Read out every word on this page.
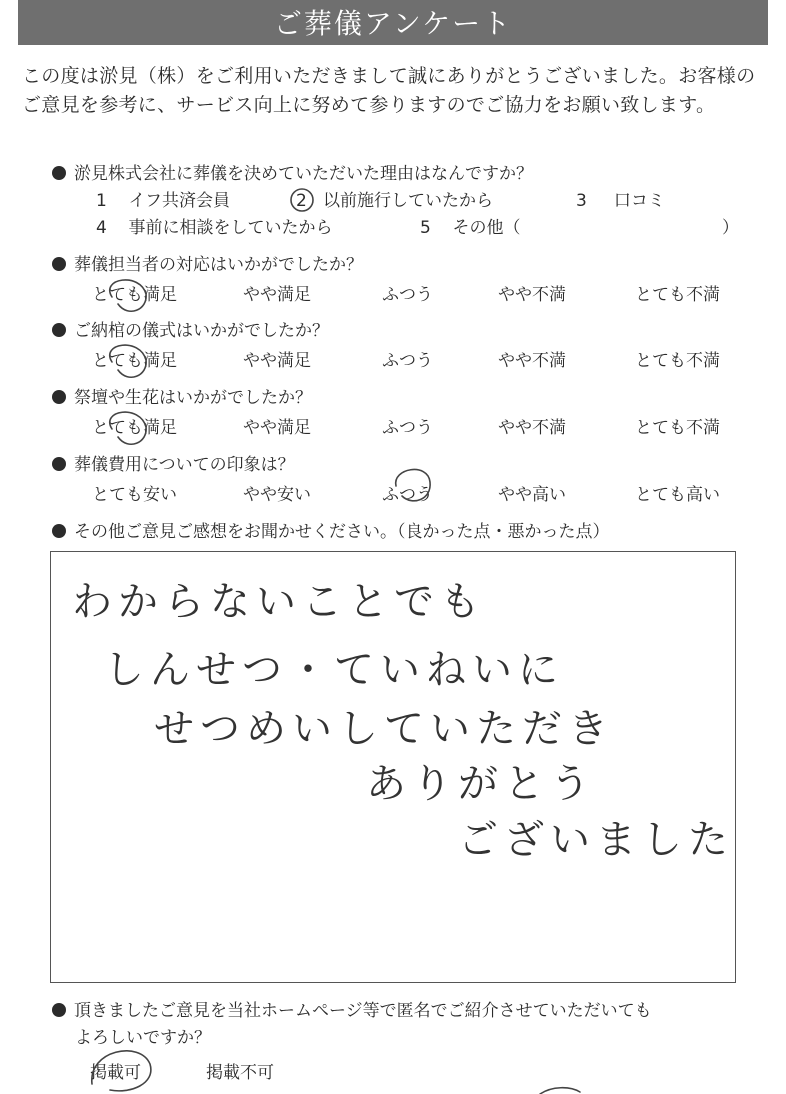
ご葬儀アンケート
この度は淤見（株）をご利用いただきまして誠にありがとうございました。お客様のご意見を参考に、サービス向上に努めて参りますのでご協力をお願い致します。
淤見株式会社に葬儀を決めていただいた理由はなんですか？
1 イフ共済会員	2 以前施行していたから	3 口コミ
4 事前に相談をしていたから	5 その他（	）
葬儀担当者の対応はいかがでしたか？
とても満足	やや満足	ふつう	やや不満	とても不満
ご納棺の儀式はいかがでしたか？
とても満足	やや満足	ふつう	やや不満	とても不満
祭壇や生花はいかがでしたか？
とても満足	やや満足	ふつう	やや不満	とても不満
葬儀費用についての印象は？
とても安い	やや安い	ふつう	やや高い	とても高い
その他ご意見ご感想をお聞かせください。（良かった点・悪かった点）
わからないことでも
しんせつ・ていねいに
せつめいしていただき
ありがとう
ございました
頂きましたご意見を当社ホームページ等で匿名でご紹介させていただいても
よろしいですか？
掲載可	掲載不可
